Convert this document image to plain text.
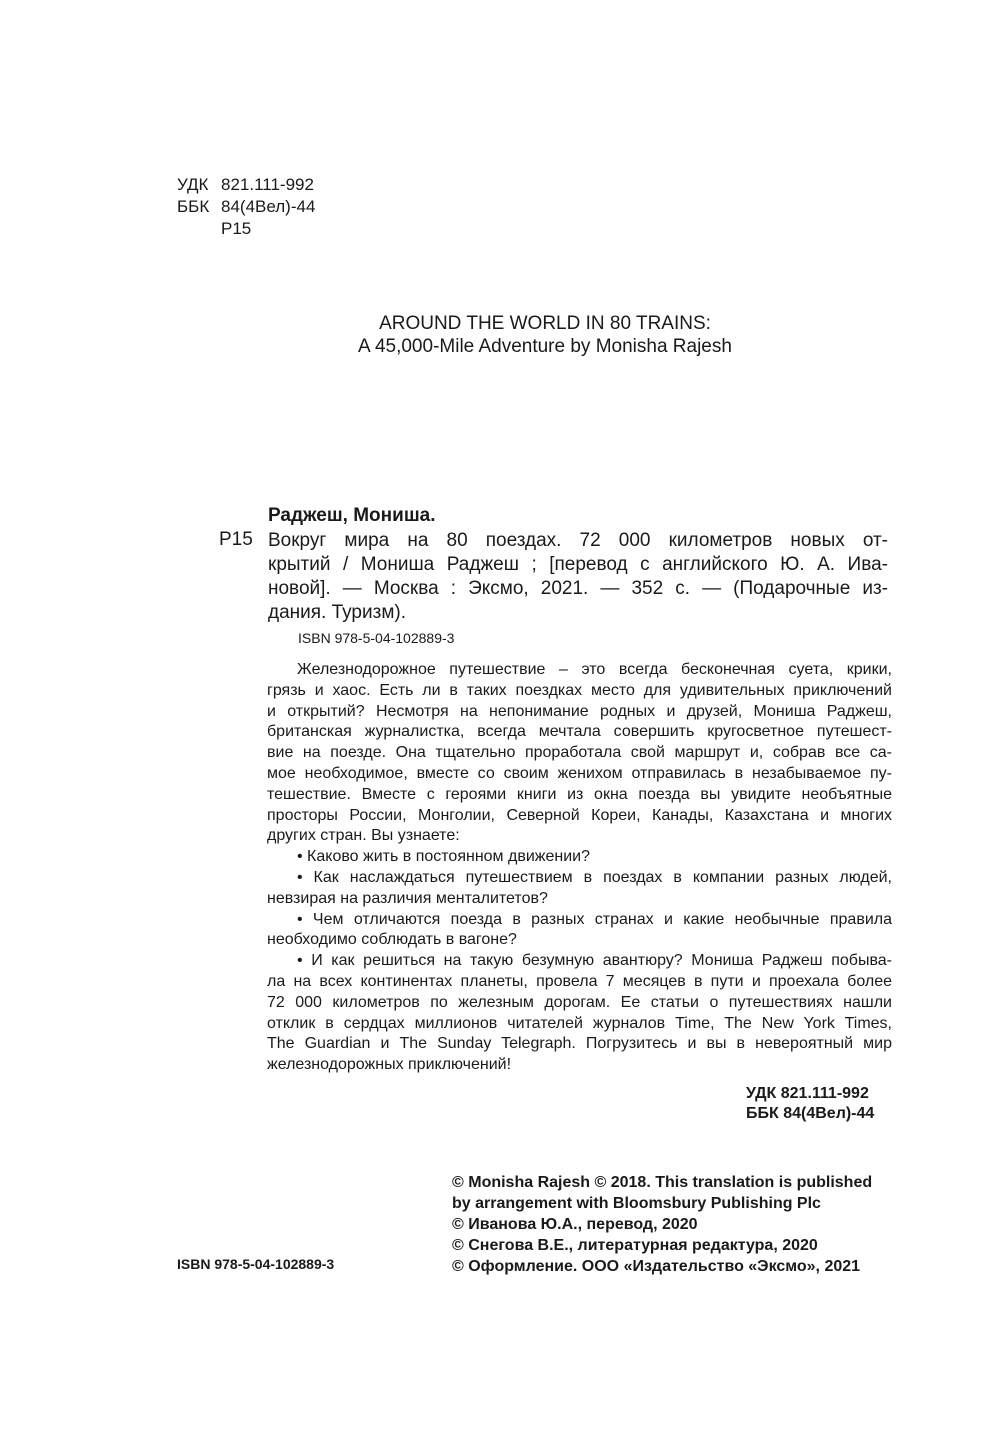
УДК 821.111-992
ББК 84(4Вел)-44
Р15
AROUND THE WORLD IN 80 TRAINS:
A 45,000-Mile Adventure by Monisha Rajesh
Раджеш, Мониша.
Р15 Вокруг мира на 80 поездах. 72 000 километров новых от-
крытий / Мониша Раджеш ; [перевод с английского Ю. А. Ива-
новой]. — Москва : Эксмо, 2021. — 352 с. — (Подарочные из-
дания. Туризм).
ISBN 978-5-04-102889-3
Железнодорожное путешествие – это всегда бесконечная суета, крики,
грязь и хаос. Есть ли в таких поездках место для удивительных приключений
и открытий? Несмотря на непонимание родных и друзей, Мониша Раджеш,
британская журналистка, всегда мечтала совершить кругосветное путешест-
вие на поезде. Она тщательно проработала свой маршрут и, собрав все са-
мое необходимое, вместе со своим женихом отправилась в незабываемое пу-
тешествие. Вместе с героями книги из окна поезда вы увидите необъятные
просторы России, Монголии, Северной Кореи, Канады, Казахстана и многих
других стран. Вы узнаете:
• Каково жить в постоянном движении?
• Как наслаждаться путешествием в поездах в компании разных людей,
невзирая на различия менталитетов?
• Чем отличаются поезда в разных странах и какие необычные правила
необходимо соблюдать в вагоне?
• И как решиться на такую безумную авантюру? Мониша Раджеш побыва-
ла на всех континентах планеты, провела 7 месяцев в пути и проехала более
72 000 километров по железным дорогам. Ее статьи о путешествиях нашли
отклик в сердцах миллионов читателей журналов Time, The New York Times,
The Guardian и The Sunday Telegraph. Погрузитесь и вы в невероятный мир
железнодорожных приключений!
УДК 821.111-992
ББК 84(4Вел)-44
© Monisha Rajesh © 2018. This translation is published
by arrangement with Bloomsbury Publishing Plc
© Иванова Ю.А., перевод, 2020
© Снегова В.Е., литературная редактура, 2020
© Оформление. ООО «Издательство «Эксмо», 2021
ISBN 978-5-04-102889-3
